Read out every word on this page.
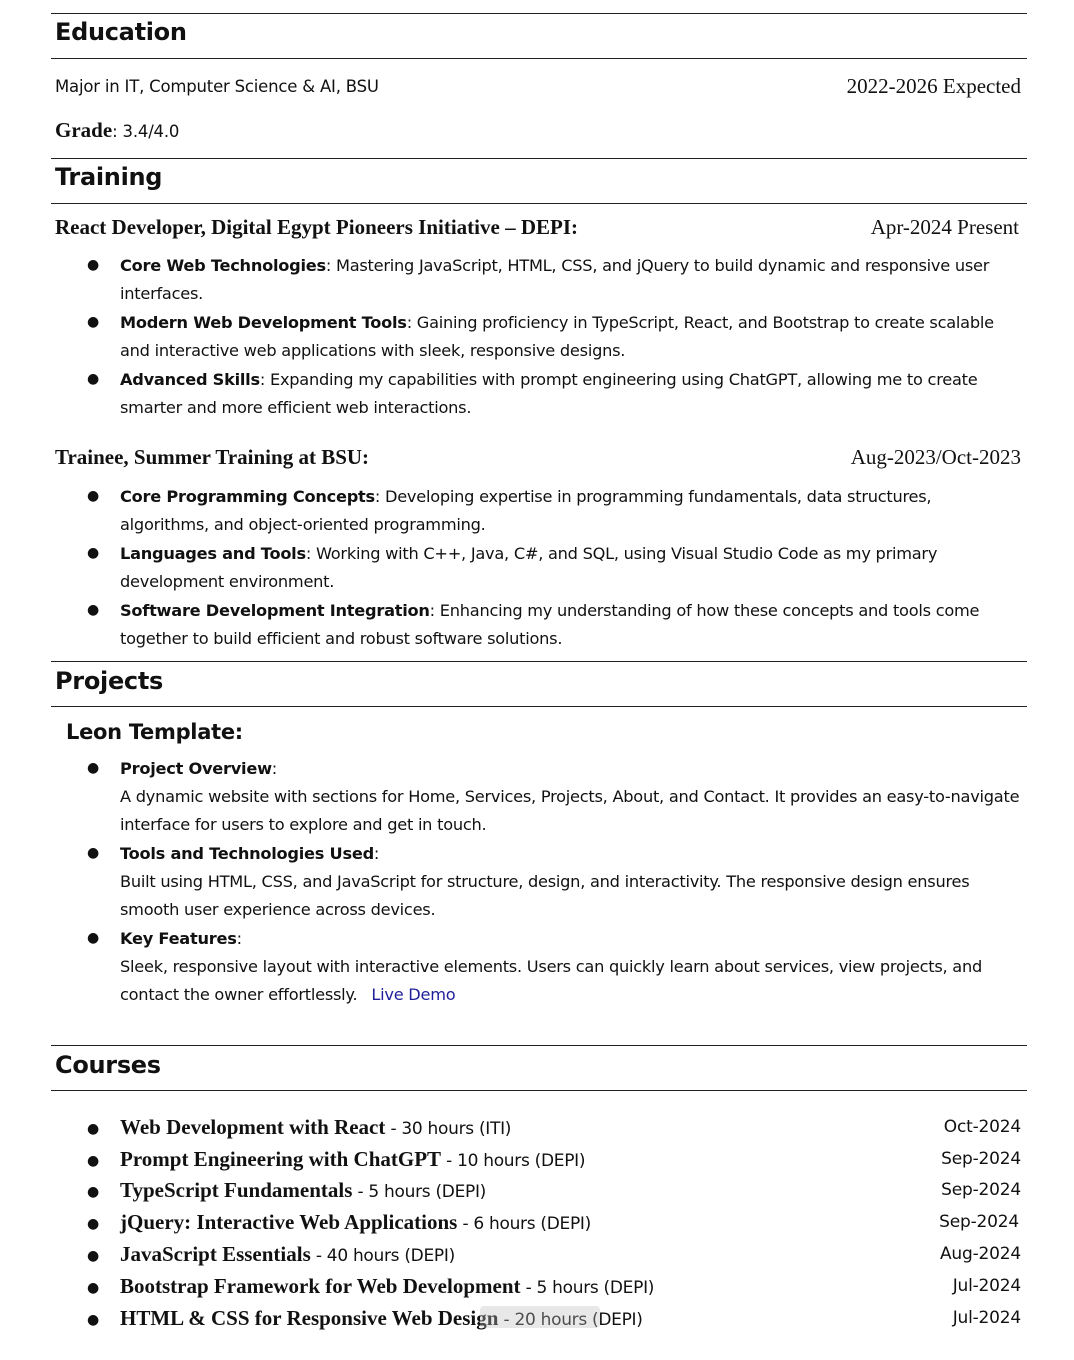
Education
Major in IT, Computer Science & AI, BSU	2022-2026 Expected
Grade: 3.4/4.0
Training
React Developer, Digital Egypt Pioneers Initiative – DEPI:	Apr-2024 Present
●
Core Web Technologies: Mastering JavaScript, HTML, CSS, and jQuery to build dynamic and responsive user interfaces.
●
Modern Web Development Tools: Gaining proficiency in TypeScript, React, and Bootstrap to create scalable and interactive web applications with sleek, responsive designs.
●
Advanced Skills: Expanding my capabilities with prompt engineering using ChatGPT, allowing me to create smarter and more efficient web interactions.
Trainee, Summer Training at BSU:	Aug-2023/Oct-2023
●
Core Programming Concepts: Developing expertise in programming fundamentals, data structures, algorithms, and object-oriented programming.
●
Languages and Tools: Working with C++, Java, C#, and SQL, using Visual Studio Code as my primary development environment.
●
Software Development Integration: Enhancing my understanding of how these concepts and tools come together to build efficient and robust software solutions.
Projects
Leon Template:
●
Project Overview:
A dynamic website with sections for Home, Services, Projects, About, and Contact. It provides an easy-to-navigate interface for users to explore and get in touch.
●
Tools and Technologies Used:
Built using HTML, CSS, and JavaScript for structure, design, and interactivity. The responsive design ensures smooth user experience across devices.
●
Key Features:
Sleek, responsive layout with interactive elements. Users can quickly learn about services, view projects, and contact the owner effortlessly. Live Demo
Courses
●
Web Development with React - 30 hours (ITI)	Oct-2024
●
Prompt Engineering with ChatGPT - 10 hours (DEPI)	Sep-2024
●
TypeScript Fundamentals - 5 hours (DEPI)	Sep-2024
●
jQuery: Interactive Web Applications - 6 hours (DEPI)	Sep-2024
●
JavaScript Essentials - 40 hours (DEPI)	Aug-2024
●
Bootstrap Framework for Web Development - 5 hours (DEPI)	Jul-2024
●
HTML & CSS for Responsive Web Design - 20 hours (DEPI)	Jul-2024
